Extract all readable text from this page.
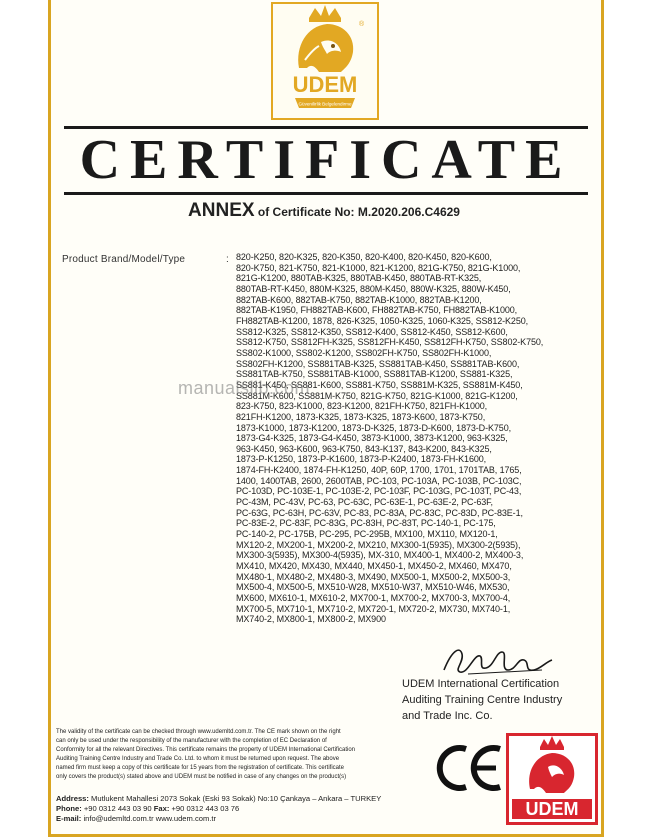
®
UDEM
Güvenilirlik Belgelendirme
CERTIFICATE
ANNEX of Certificate No: M.2020.206.C4629
Product Brand/Model/Type	: 820-K250, 820-K325, 820-K350, 820-K400, 820-K450, 820-K600,
820-K750, 821-K750, 821-K1000, 821-K1200, 821G-K750, 821G-K1000,
821G-K1200, 880TAB-K325, 880TAB-K450, 880TAB-RT-K325,
880TAB-RT-K450, 880M-K325, 880M-K450, 880W-K325, 880W-K450,
882TAB-K600, 882TAB-K750, 882TAB-K1000, 882TAB-K1200,
882TAB-K1950, FH882TAB-K600, FH882TAB-K750, FH882TAB-K1000,
FH882TAB-K1200, 1878, 826-K325, 1050-K325, 1060-K325, SS812-K250,
SS812-K325, SS812-K350, SS812-K400, SS812-K450, SS812-K600,
SS812-K750, SS812FH-K325, SS812FH-K450, SS812FH-K750, SS802-K750,
SS802-K1000, SS802-K1200, SS802FH-K750, SS802FH-K1000,
SS802FH-K1200, SS881TAB-K325, SS881TAB-K450, SS881TAB-K600,
SS881TAB-K750, SS881TAB-K1000, SS881TAB-K1200, SS881-K325,
SS881-K450, SS881-K600, SS881-K750, SS881M-K325, SS881M-K450,
SS881M-K600, SS881M-K750, 821G-K750, 821G-K1000, 821G-K1200,
823-K750, 823-K1000, 823-K1200, 821FH-K750, 821FH-K1000,
821FH-K1200, 1873-K325, 1873-K325, 1873-K600, 1873-K750,
1873-K1000, 1873-K1200, 1873-D-K325, 1873-D-K600, 1873-D-K750,
1873-G4-K325, 1873-G4-K450, 3873-K1000, 3873-K1200, 963-K325,
963-K450, 963-K600, 963-K750, 843-K137, 843-K200, 843-K325,
1873-P-K1250, 1873-P-K1600, 1873-P-K2400, 1873-FH-K1600,
1874-FH-K2400, 1874-FH-K1250, 40P, 60P, 1700, 1701, 1701TAB, 1765,
1400, 1400TAB, 2600, 2600TAB, PC-103, PC-103A, PC-103B, PC-103C,
PC-103D, PC-103E-1, PC-103E-2, PC-103F, PC-103G, PC-103T, PC-43,
PC-43M, PC-43V, PC-63, PC-63C, PC-63E-1, PC-63E-2, PC-63F,
PC-63G, PC-63H, PC-63V, PC-83, PC-83A, PC-83C, PC-83D, PC-83E-1,
PC-83E-2, PC-83F, PC-83G, PC-83H, PC-83T, PC-140-1, PC-175,
PC-140-2, PC-175B, PC-295, PC-295B, MX100, MX110, MX120-1,
MX120-2, MX200-1, MX200-2, MX210, MX300-1(5935), MX300-2(5935),
MX300-3(5935), MX300-4(5935), MX-310, MX400-1, MX400-2, MX400-3,
MX410, MX420, MX430, MX440, MX450-1, MX450-2, MX460, MX470,
MX480-1, MX480-2, MX480-3, MX490, MX500-1, MX500-2, MX500-3,
MX500-4, MX500-5, MX510-W28, MX510-W37, MX510-W46, MX530,
MX600, MX610-1, MX610-2, MX700-1, MX700-2, MX700-3, MX700-4,
MX700-5, MX710-1, MX710-2, MX720-1, MX720-2, MX730, MX740-1,
MX740-2, MX800-1, MX800-2, MX900
manualslib.com
UDEM International Certification
Auditing Training Centre Industry
and Trade Inc. Co.
The validity of the certificate can be checked through www.udemltd.com.tr. The CE mark shown on the right
can only be used under the responsibility of the manufacturer with the completion of EC Declaration of
Conformity for all the relevant Directives. This certificate remains the property of UDEM International Certification
Auditing Training Centre Industry and Trade Co. Ltd. to whom it must be returned upon request. The above
named firm must keep a copy of this certificate for 15 years from the registration of certificate. This certificate
only covers the product(s) stated above and UDEM must be notified in case of any changes on the product(s)
UDEM
Address: Mutlukent Mahallesi 2073 Sokak (Eski 93 Sokak) No:10 Çankaya – Ankara – TURKEY
Phone: +90 0312 443 03 90 Fax: +90 0312 443 03 76
E-mail: info@udemltd.com.tr www.udem.com.tr
